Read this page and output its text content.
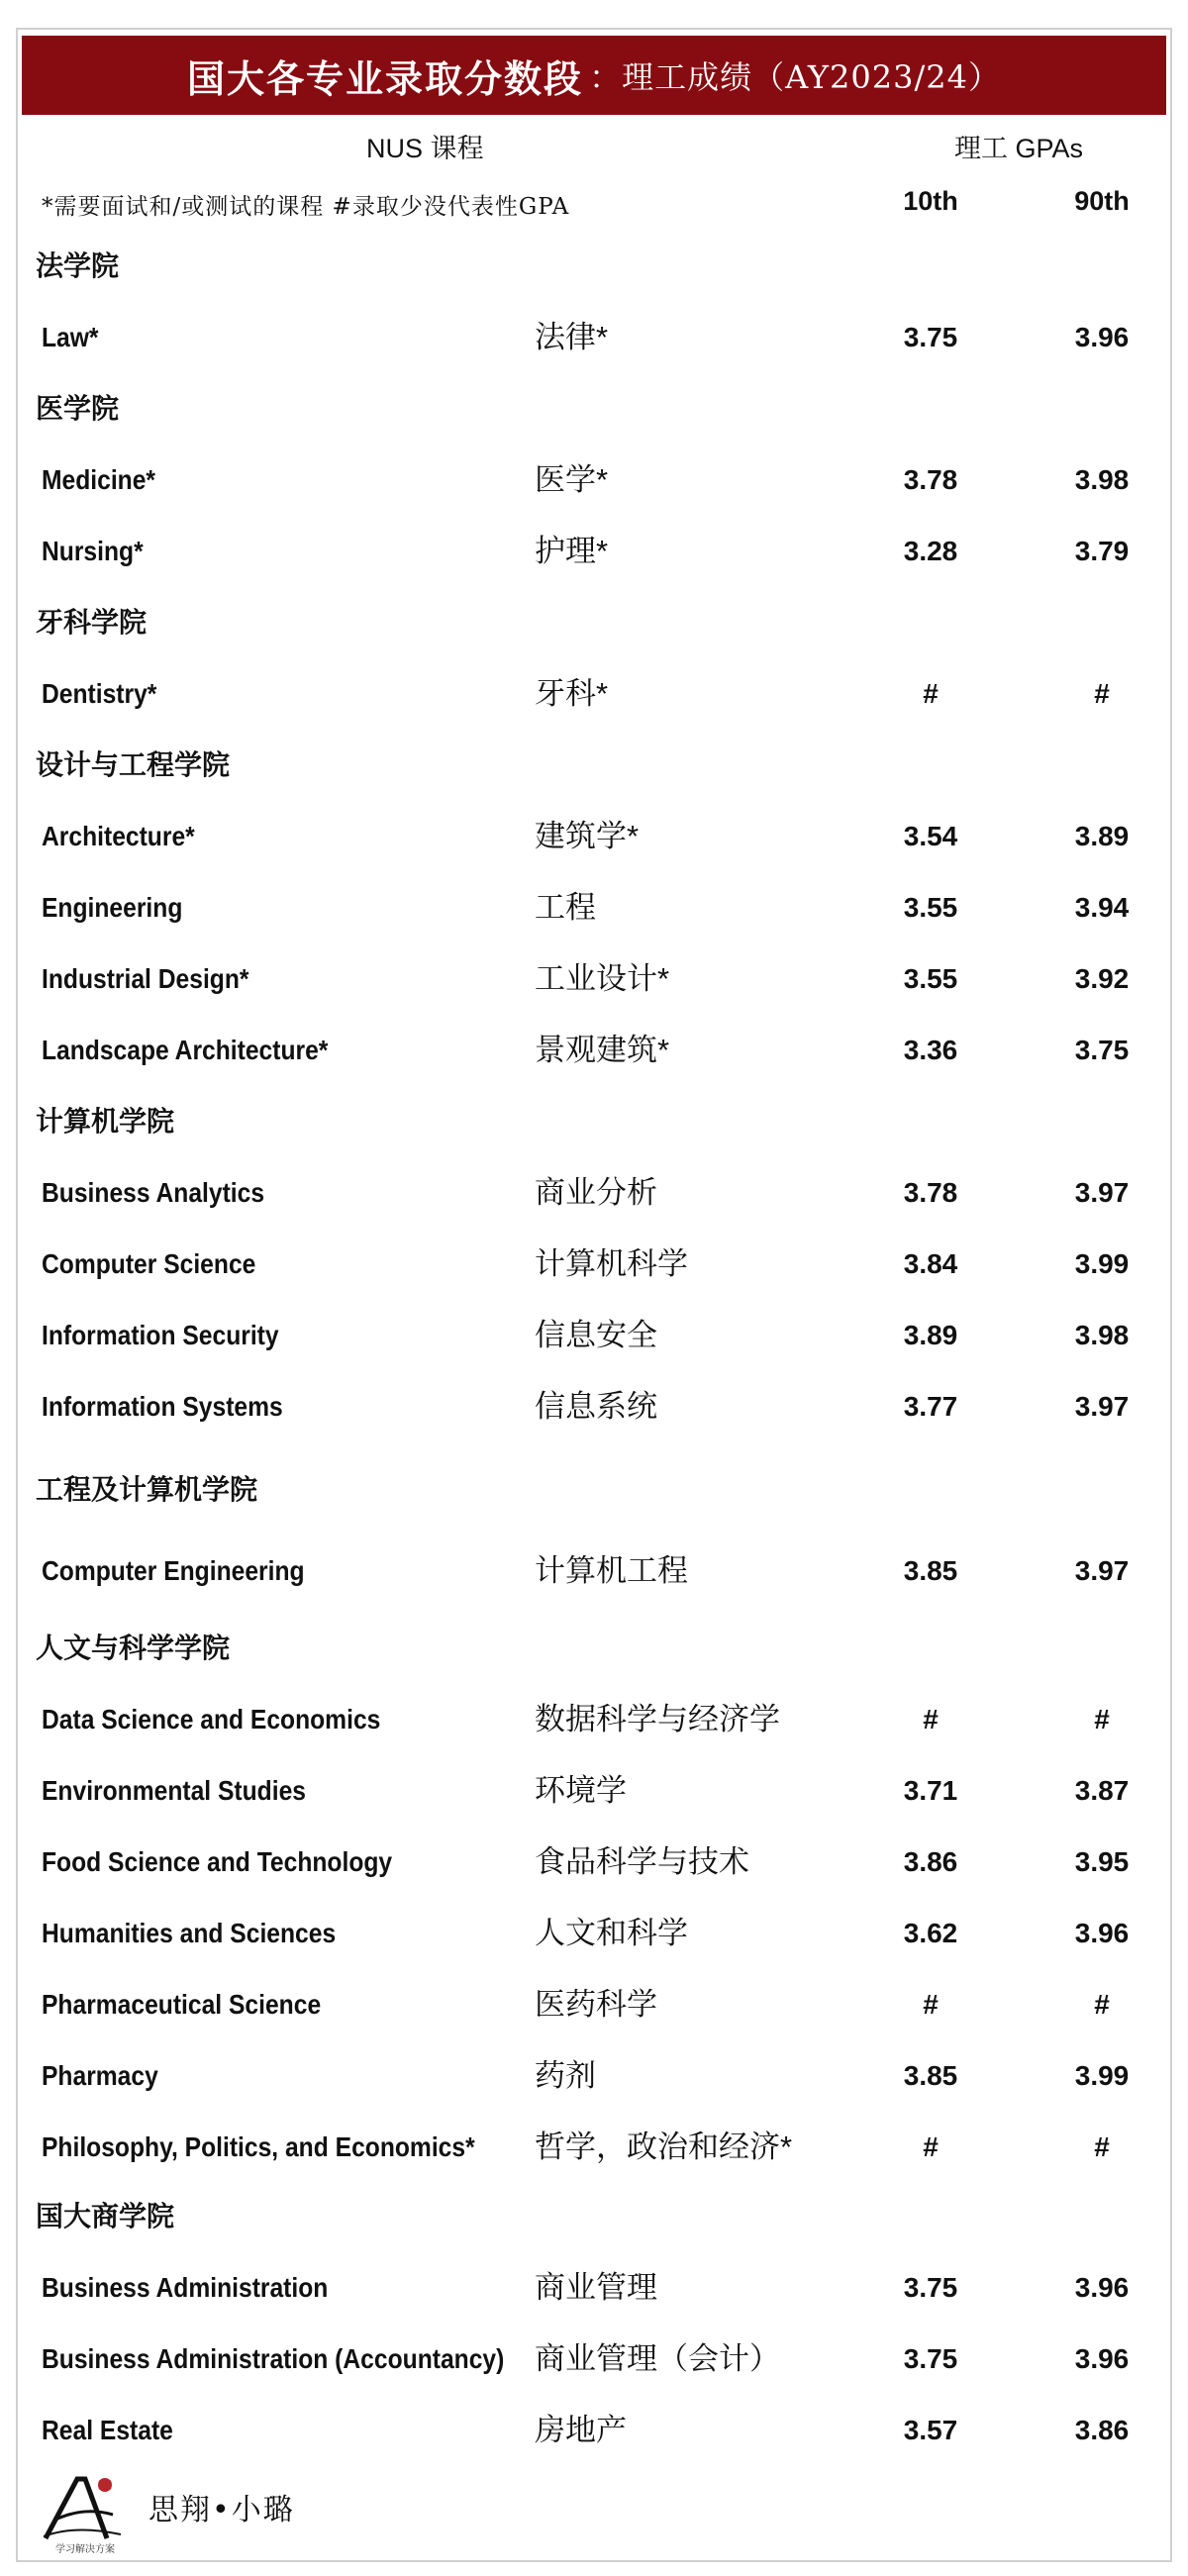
国大各专业录取分数段 ：理工成绩（AY2023/24）
NUS 课程	理工 GPAs
*需要面试和/或测试的课程 #录取少没代表性GPA	10th	90th
法学院
Law*	法律*	3.75	3.96
医学院
Medicine*	医学*	3.78	3.98
Nursing*	护理*	3.28	3.79
牙科学院
Dentistry*	牙科*	#	#
设计与工程学院
Architecture*	建筑学*	3.54	3.89
Engineering	工程	3.55	3.94
Industrial Design*	工业设计*	3.55	3.92
Landscape Architecture*	景观建筑*	3.36	3.75
计算机学院
Business Analytics	商业分析	3.78	3.97
Computer Science	计算机科学	3.84	3.99
Information Security	信息安全	3.89	3.98
Information Systems	信息系统	3.77	3.97
工程及计算机学院
Computer Engineering	计算机工程	3.85	3.97
人文与科学学院
Data Science and Economics	数据科学与经济学	#	#
Environmental Studies	环境学	3.71	3.87
Food Science and Technology	食品科学与技术	3.86	3.95
Humanities and Sciences	人文和科学	3.62	3.96
Pharmaceutical Science	医药科学	#	#
Pharmacy	药剂	3.85	3.99
Philosophy, Politics, and Economics* 哲学，政治和经济*	#	#
国大商学院
Business Administration	商业管理	3.75	3.96
Business Administration (Accountancy) 商业管理（会计）	3.75	3.96
Real Estate	房地产	3.57	3.86
学习解决方案
思翔•小璐
